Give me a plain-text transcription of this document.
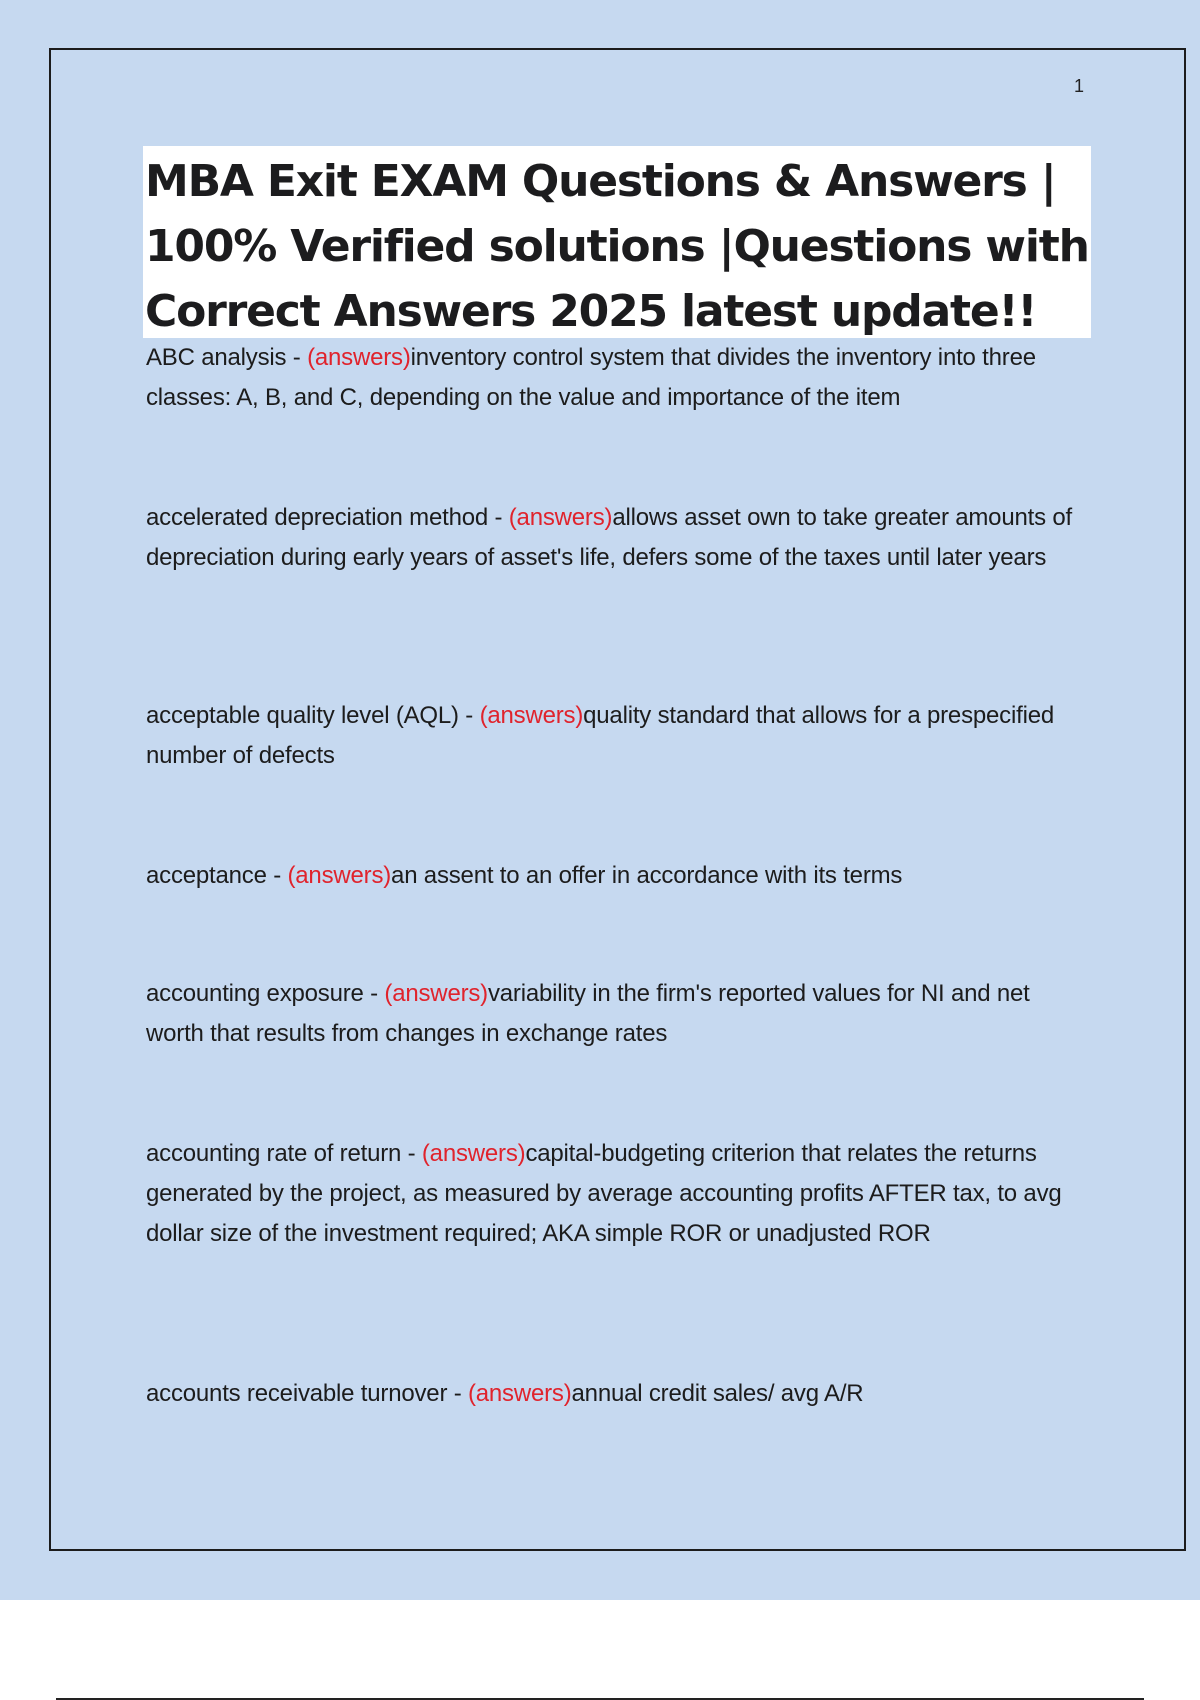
1
MBA Exit EXAM Questions & Answers |
100% Verified solutions |Questions with
Correct Answers 2025 latest update!!

ABC analysis - (answers)inventory control system that divides the inventory into three classes: A, B, and C, depending on the value and importance of the item

accelerated depreciation method - (answers)allows asset own to take greater amounts of depreciation during early years of asset's life, defers some of the taxes until later years

acceptable quality level (AQL) - (answers)quality standard that allows for a prespecified number of defects

acceptance - (answers)an assent to an offer in accordance with its terms

accounting exposure - (answers)variability in the firm's reported values for NI and net worth that results from changes in exchange rates

accounting rate of return - (answers)capital-budgeting criterion that relates the returns generated by the project, as measured by average accounting profits AFTER tax, to avg dollar size of the investment required; AKA simple ROR or unadjusted ROR

accounts receivable turnover - (answers)annual credit sales/ avg A/R
